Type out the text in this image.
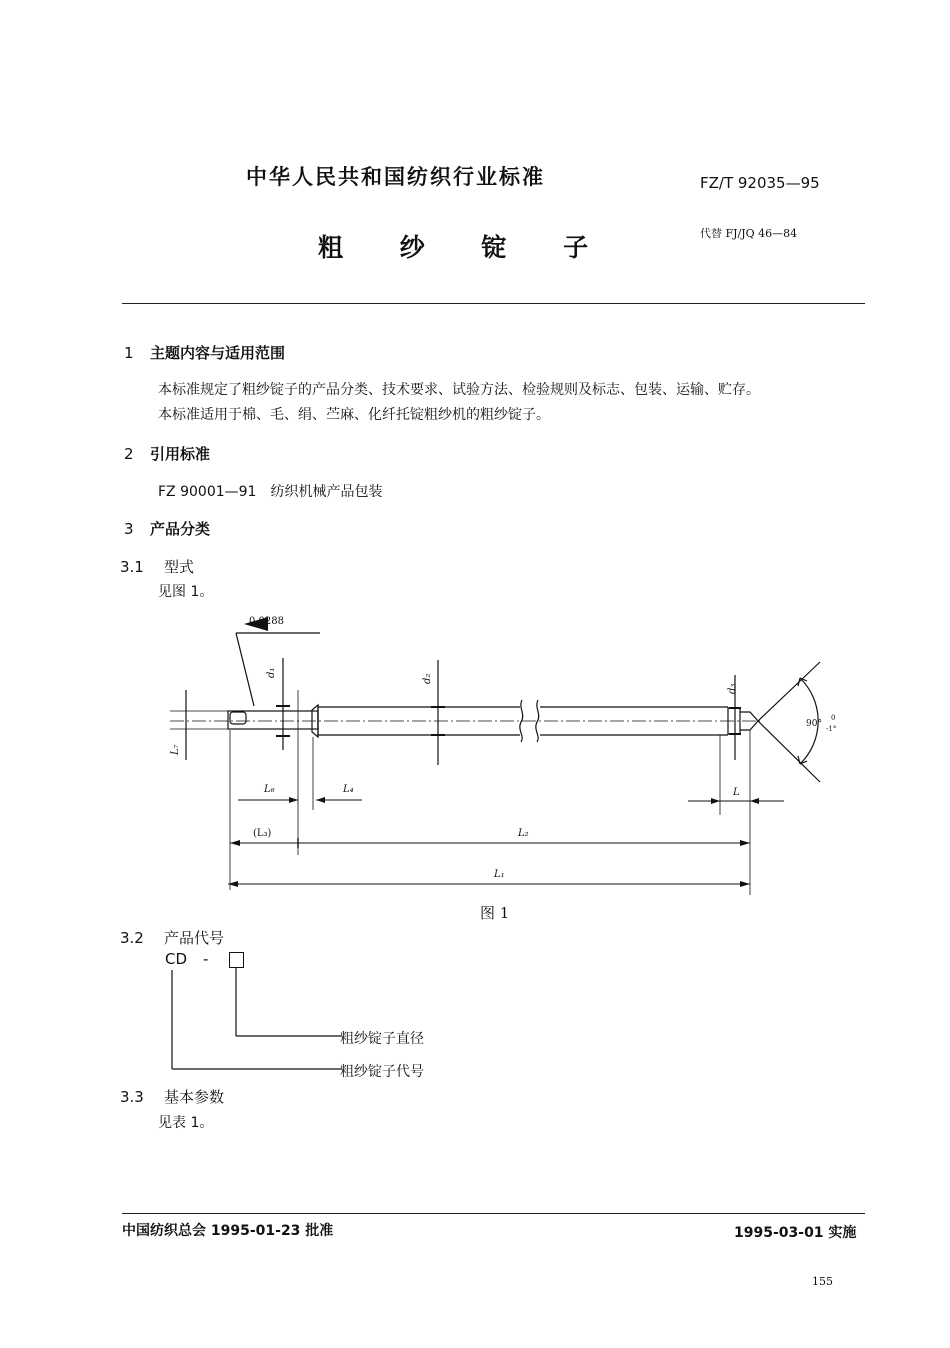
中华人民共和国纺织行业标准	FZ/T 92035—95
粗 纱 锭 子	代替 FJ/JQ 46—84
1 主题内容与适用范围
本标准规定了粗纱锭子的产品分类、技术要求、试验方法、检验规则及标志、包装、运输、贮存。
本标准适用于棉、毛、绢、苎麻、化纤托锭粗纱机的粗纱锭子。
2 引用标准
FZ 90001—91　纺织机械产品包装
3 产品分类
3.1 型式
见图 1。
0.0288
d₁
d₂
d₃
L₇
L₆	L₄	L
(L₃)	L₂
L₁
90° -1°
0
图 1
3.2 产品代号
CD -
粗纱锭子直径
粗纱锭子代号
3.3 基本参数
见表 1。
中国纺织总会 1995-01-23 批准	1995-03-01 实施
155
